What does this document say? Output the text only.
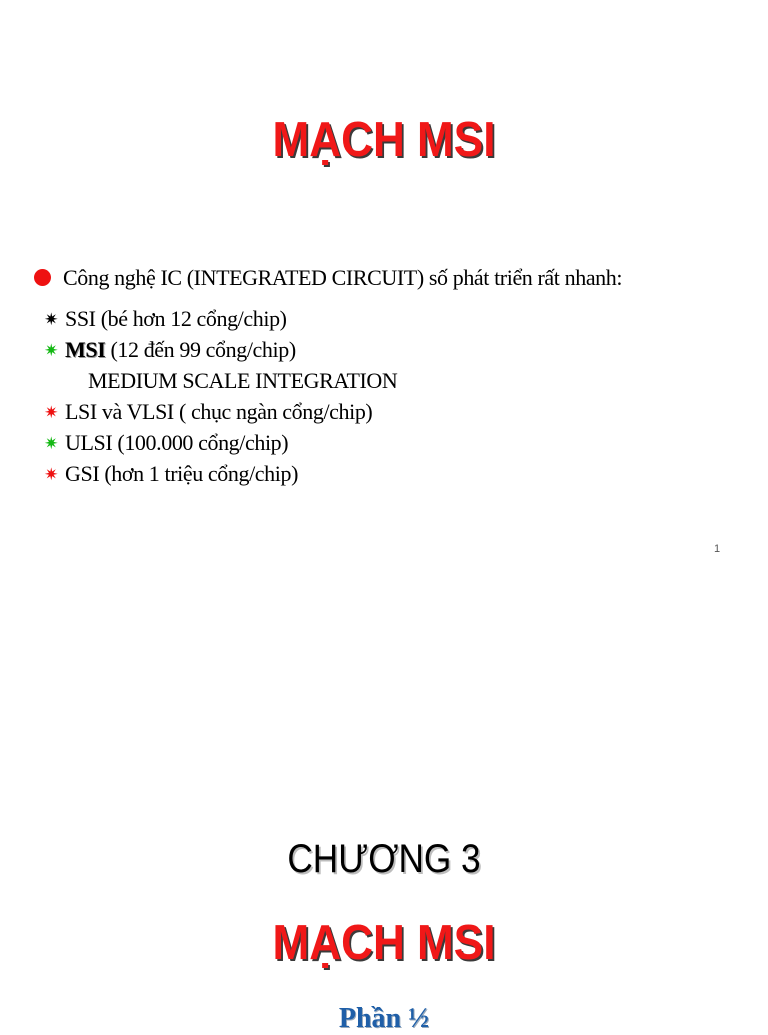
MẠCH MSI
Công nghệ IC (INTEGRATED CIRCUIT) số phát triển rất nhanh:
✷ SSI (bé hơn 12 cổng/chip)
✷ MSI (12 đến 99 cổng/chip)
MEDIUM SCALE INTEGRATION
✷ LSI và VLSI ( chục ngàn cổng/chip)
✷ ULSI (100.000 cổng/chip)
✷ GSI (hơn 1 triệu cổng/chip)
1
CHƯƠNG 3
MẠCH MSI
Phần ½
